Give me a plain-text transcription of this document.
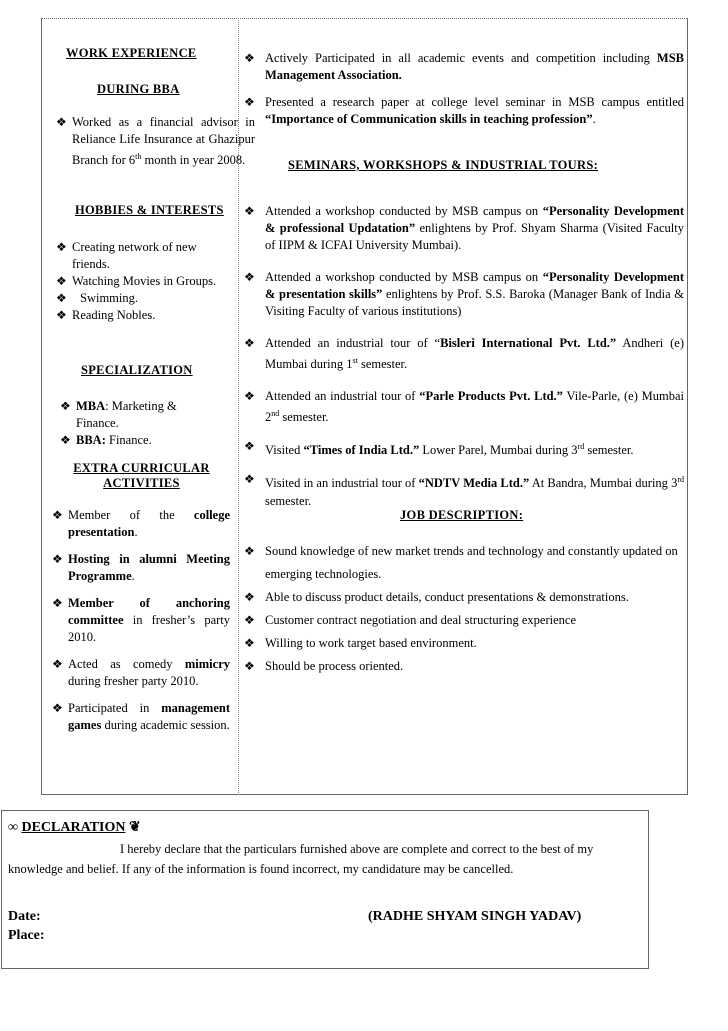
WORK EXPERIENCE
DURING BBA
❖ Worked as a financial advisor in Reliance Life Insurance at Ghazipur Branch for 6th month in year 2008.
HOBBIES & INTERESTS
❖ Creating network of new friends.
❖ Watching Movies in Groups.
❖ Swimming.
❖ Reading Nobles.
SPECIALIZATION
❖ MBA: Marketing & Finance.
❖ BBA: Finance.
EXTRA CURRICULAR
ACTIVITIES
❖ Member of the college presentation.
❖ Hosting in alumni Meeting Programme.
❖ Member of anchoring committee in fresher’s party 2010.
❖ Acted as comedy mimicry during fresher party 2010.
❖ Participated in management games during academic session.
❖ Actively Participated in all academic events and competition including MSB Management Association.
❖ Presented a research paper at college level seminar in MSB campus entitled “Importance of Communication skills in teaching profession”.
SEMINARS, WORKSHOPS & INDUSTRIAL TOURS:
❖ Attended a workshop conducted by MSB campus on “Personality Development & professional Updatation” enlightens by Prof. Shyam Sharma (Visited Faculty of IIPM & ICFAI University Mumbai).
❖ Attended a workshop conducted by MSB campus on “Personality Development & presentation skills” enlightens by Prof. S.S. Baroka (Manager Bank of India & Visiting Faculty of various institutions)
❖ Attended an industrial tour of “Bisleri International Pvt. Ltd.” Andheri (e) Mumbai during 1st semester.
❖ Attended an industrial tour of “Parle Products Pvt. Ltd.” Vile-Parle, (e) Mumbai 2nd semester.
❖ Visited “Times of India Ltd.” Lower Parel, Mumbai during 3rd semester.
❖ Visited in an industrial tour of “NDTV Media Ltd.” At Bandra, Mumbai during 3rd semester.
JOB DESCRIPTION:
❖ Sound knowledge of new market trends and technology and constantly updated on emerging technologies.
❖ Able to discuss product details, conduct presentations & demonstrations.
❖ Customer contract negotiation and deal structuring experience
❖ Willing to work target based environment.
❖ Should be process oriented.
∞ DECLARATION ❦
I hereby declare that the particulars furnished above are complete and correct to the best of my knowledge and belief. If any of the information is found incorrect, my candidature may be cancelled.
Date:
Place:
(RADHE SHYAM SINGH YADAV)
